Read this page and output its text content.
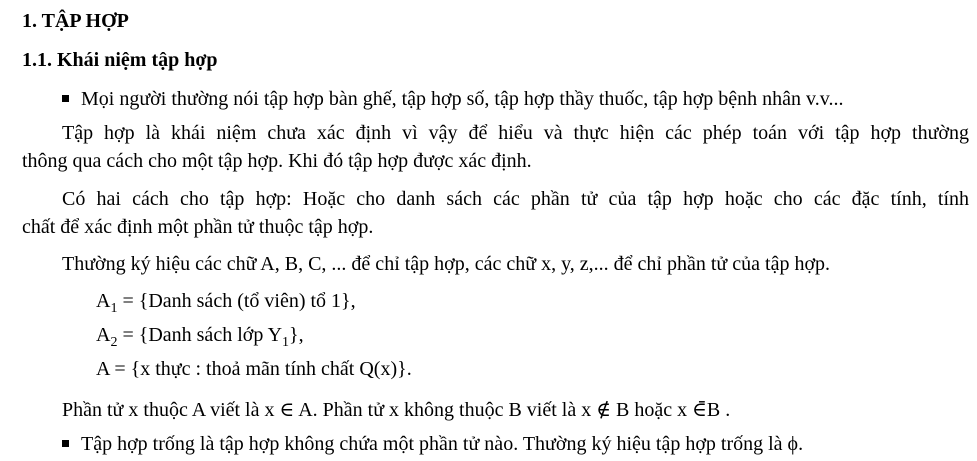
1. TẬP HỢP
1.1. Khái niệm tập hợp
Mọi người thường nói tập hợp bàn ghế, tập hợp số, tập hợp thầy thuốc, tập hợp bệnh nhân v.v...
Tập hợp là khái niệm chưa xác định vì vậy để hiểu và thực hiện các phép toán với tập hợp thường
thông qua cách cho một tập hợp. Khi đó tập hợp được xác định.
Có hai cách cho tập hợp: Hoặc cho danh sách các phần tử của tập hợp hoặc cho các đặc tính, tính
chất để xác định một phần tử thuộc tập hợp.
Thường ký hiệu các chữ A, B, C, ... để chỉ tập hợp, các chữ x, y, z,... để chỉ phần tử của tập hợp.
$A_1$ = {Danh sách (tổ viên) tổ 1},
$A_2$ = {Danh sách lớp $Y_1$},
A = {x thực : thoả mãn tính chất Q(x)}.
Phần tử x thuộc A viết là x ∈ A. Phần tử x không thuộc B viết là x ∉ B hoặc x ∈̄B .
Tập hợp trống là tập hợp không chứa một phần tử nào. Thường ký hiệu tập hợp trống là ϕ.
